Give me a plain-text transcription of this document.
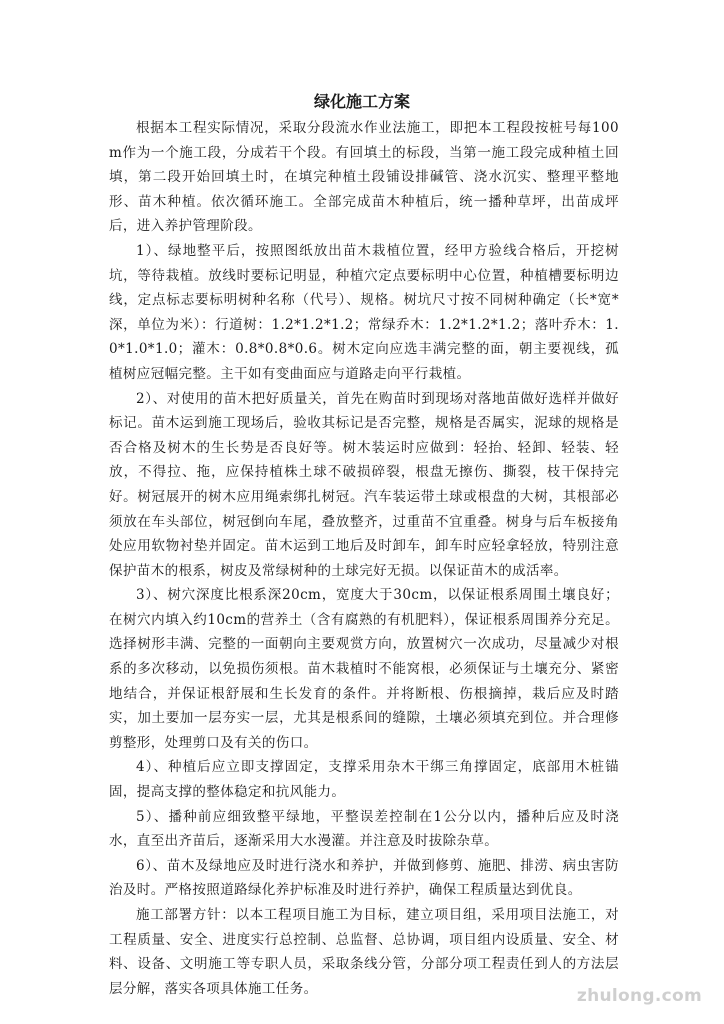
绿化施工方案

根据本工程实际情况，采取分段流水作业法施工，即把本工程段按桩号每100m作为一个施工段，分成若干个段。有回填土的标段，当第一施工段完成种植土回填，第二段开始回填土时，在填完种植土段铺设排碱管、浇水沉实、整理平整地形、苗木种植。依次循环施工。全部完成苗木种植后，统一播种草坪，出苗成坪后，进入养护管理阶段。

1）、绿地整平后，按照图纸放出苗木栽植位置，经甲方验线合格后，开挖树坑，等待栽植。放线时要标记明显，种植穴定点要标明中心位置，种植槽要标明边线，定点标志要标明树种名称（代号）、规格。树坑尺寸按不同树种确定（长*宽*深，单位为米）：行道树：1.2*1.2*1.2；常绿乔木：1.2*1.2*1.2；落叶乔木：1.0*1.0*1.0；灌木：0.8*0.8*0.6。树木定向应选丰满完整的面，朝主要视线，孤植树应冠幅完整。主干如有变曲面应与道路走向平行栽植。

2）、对使用的苗木把好质量关，首先在购苗时到现场对落地苗做好选样并做好标记。苗木运到施工现场后，验收其标记是否完整，规格是否属实，泥球的规格是否合格及树木的生长势是否良好等。树木装运时应做到：轻抬、轻卸、轻装、轻放，不得拉、拖，应保持植株土球不破损碎裂，根盘无擦伤、撕裂，枝干保持完好。树冠展开的树木应用绳索绑扎树冠。汽车装运带土球或根盘的大树，其根部必须放在车头部位，树冠倒向车尾，叠放整齐，过重苗不宜重叠。树身与后车板接角处应用软物衬垫并固定。苗木运到工地后及时卸车，卸车时应轻拿轻放，特别注意保护苗木的根系，树皮及常绿树种的土球完好无损。以保证苗木的成活率。

3）、树穴深度比根系深20cm，宽度大于30cm，以保证根系周围土壤良好；在树穴内填入约10cm的营养土（含有腐熟的有机肥料），保证根系周围养分充足。选择树形丰满、完整的一面朝向主要观赏方向，放置树穴一次成功，尽量减少对根系的多次移动，以免损伤须根。苗木栽植时不能窝根，必须保证与土壤充分、紧密地结合，并保证根舒展和生长发育的条件。并将断根、伤根摘掉，栽后应及时踏实，加土要加一层夯实一层，尤其是根系间的缝隙，土壤必须填充到位。并合理修剪整形，处理剪口及有关的伤口。

4）、种植后应立即支撑固定，支撑采用杂木干绑三角撑固定，底部用木桩锚固，提高支撑的整体稳定和抗风能力。

5）、播种前应细致整平绿地，平整误差控制在1公分以内，播种后应及时浇水，直至出齐苗后，逐渐采用大水漫灌。并注意及时拔除杂草。

6）、苗木及绿地应及时进行浇水和养护，并做到修剪、施肥、排涝、病虫害防治及时。严格按照道路绿化养护标准及时进行养护，确保工程质量达到优良。

施工部署方针：以本工程项目施工为目标，建立项目组，采用项目法施工，对工程质量、安全、进度实行总控制、总监督、总协调，项目组内设质量、安全、材料、设备、文明施工等专职人员，采取条线分管，分部分项工程责任到人的方法层层分解，落实各项具体施工任务。	zhulong.com
